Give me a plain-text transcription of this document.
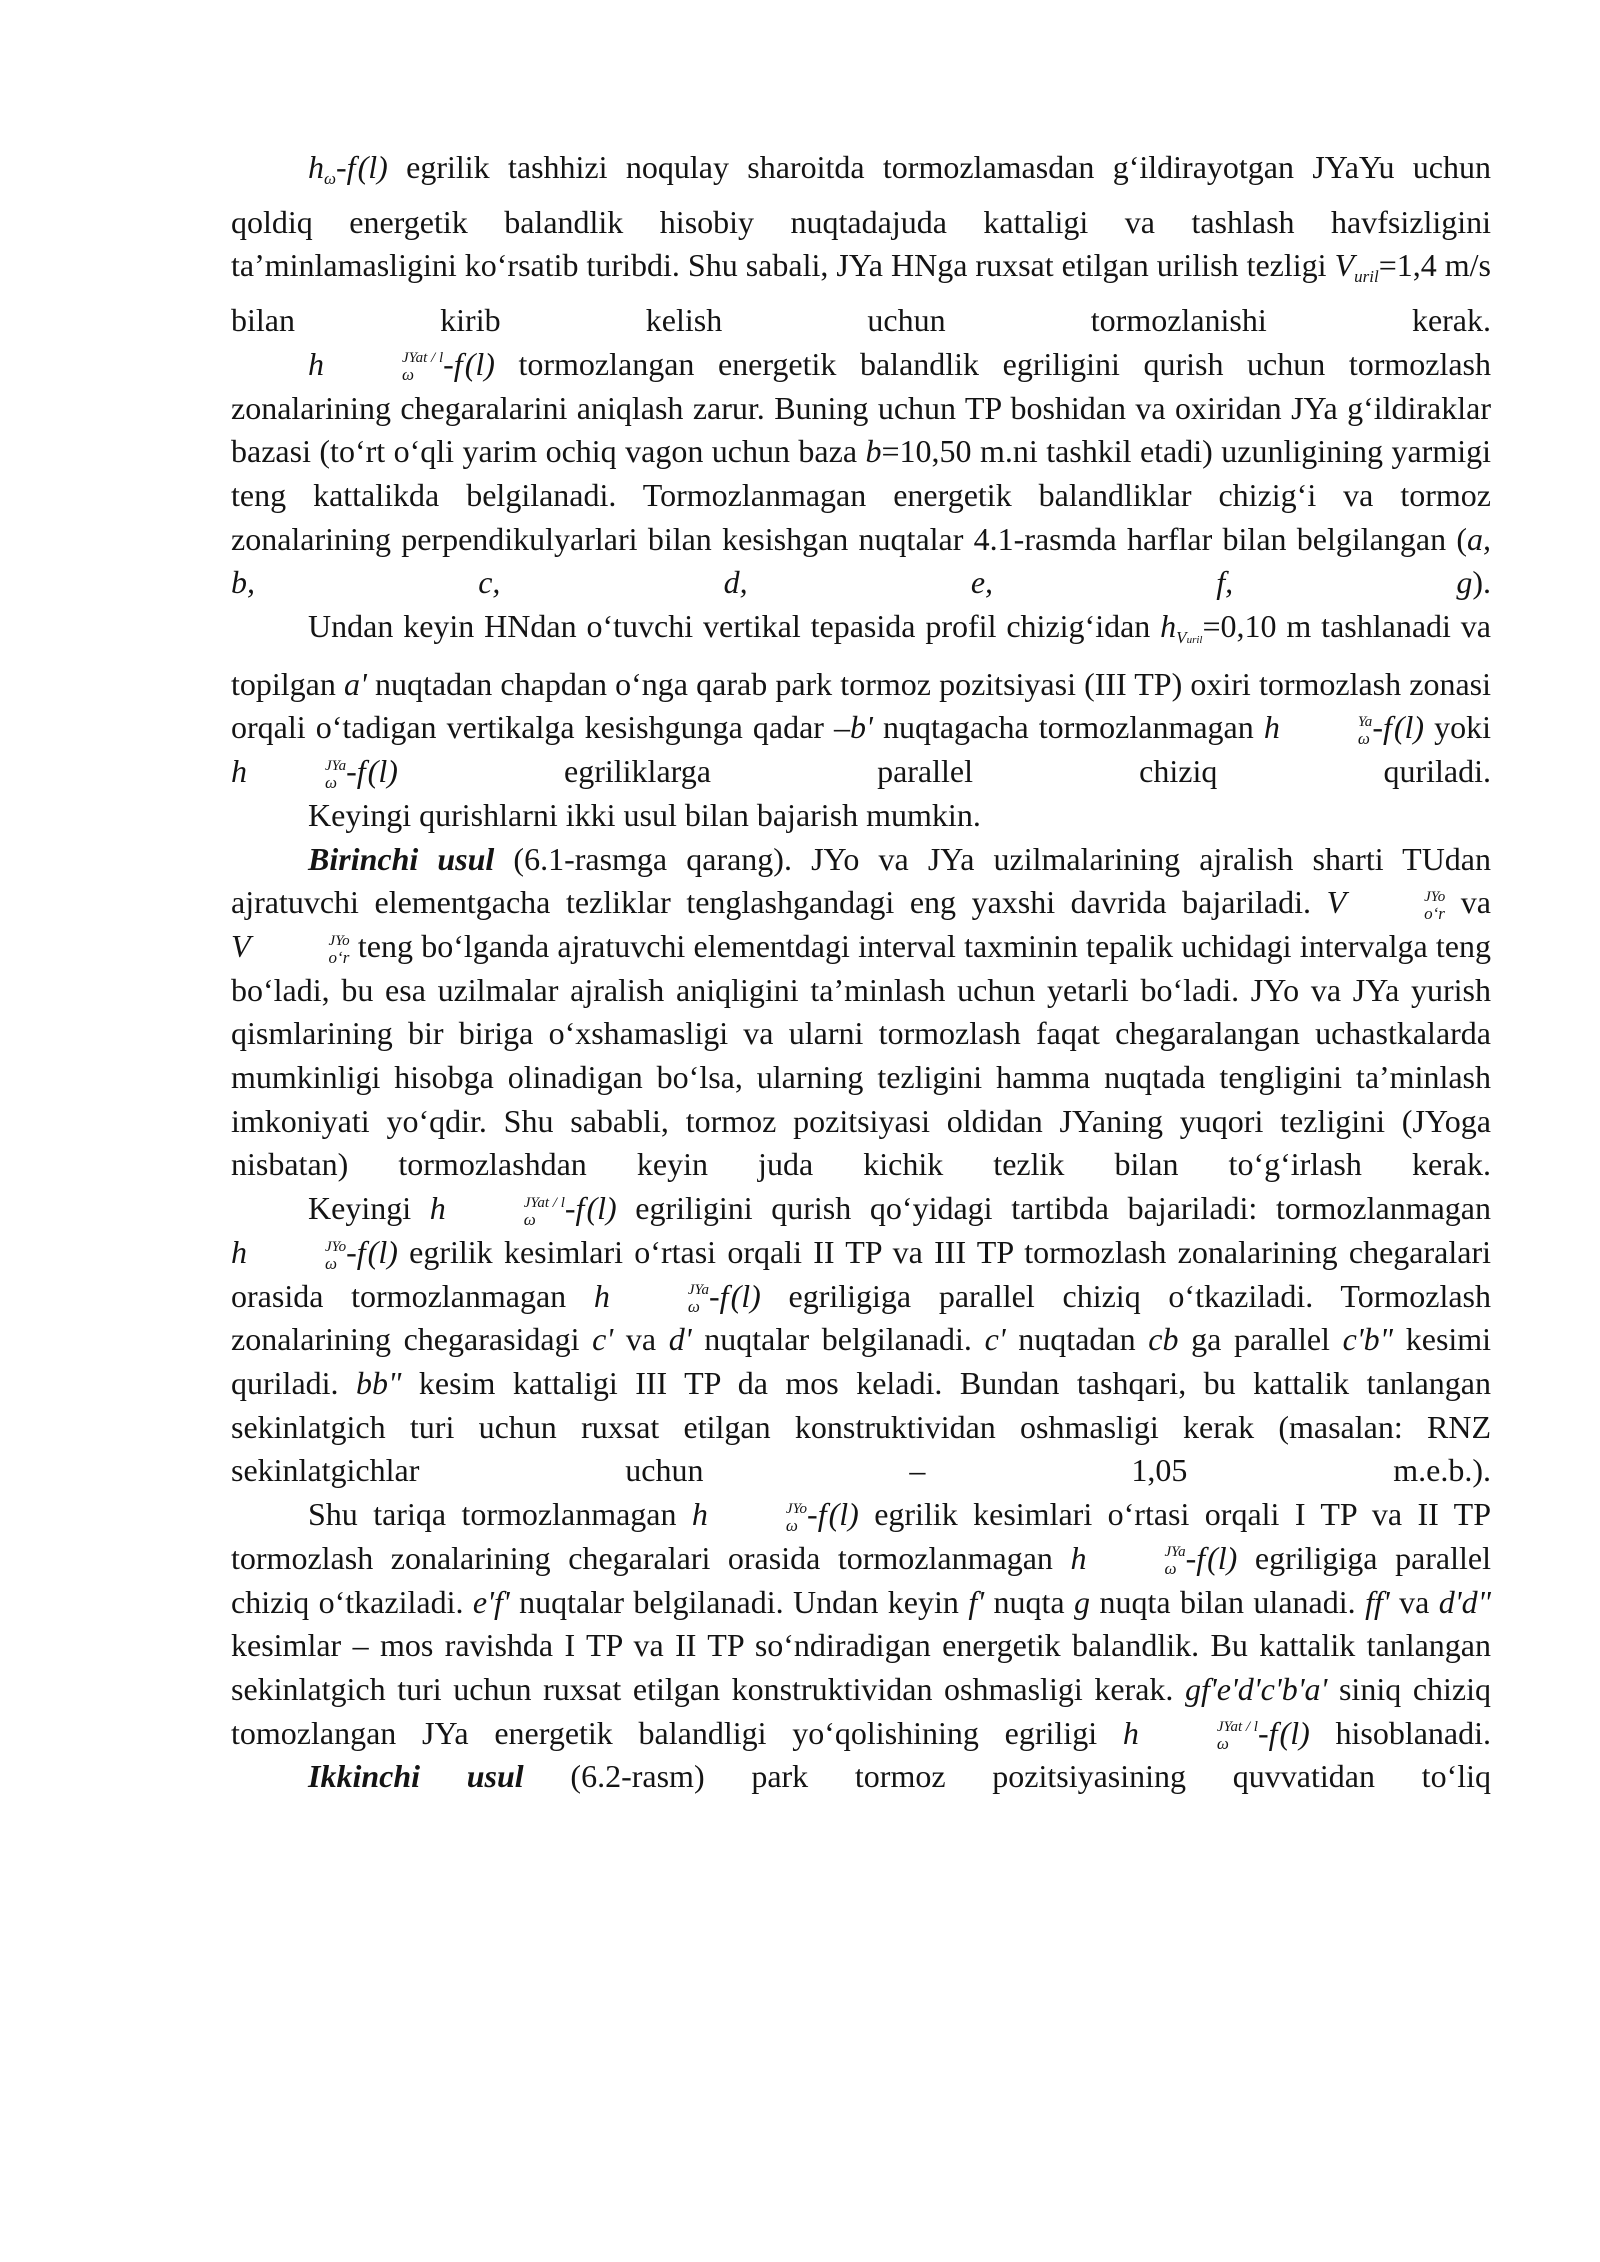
$h_\omega-f(l)$ egrilik tashhizi noqulay sharoitda tormozlamasdan g‘ildirayotgan JYaYu uchun qoldiq energetik balandlik hisobiy nuqtadajuda kattaligi va tashlash havfsizligini ta’minlamasligini ko‘rsatib turibdi. Shu sabali, JYa HNga ruxsat etilgan urilish tezligi $V_{uril}=1,4$ m/s bilan kirib kelish uchun tormozlanishi kerak.

h	JYat / l
ω -f(l) tormozlangan energetik balandlik egriligini qurish uchun tormozlash zonalarining chegaralarini aniqlash zarur. Buning uchun TP boshidan va oxiridan JYa g‘ildiraklar bazasi (to‘rt o‘qli yarim ochiq vagon uchun baza b=10,50 m.ni tashkil etadi) uzunligining yarmigi teng kattalikda belgilanadi. Tormozlanmagan energetik balandliklar chizig‘i va tormoz zonalarining perpendikulyarlari bilan kesishgan nuqtalar 4.1-rasmda harflar bilan belgilangan (a, b, c, d, e, f, g).

Undan keyin HNdan o‘tuvchi vertikal tepasida profil chizig‘idan $h_{Vuril}=0,10$ m tashlanadi va topilgan a' nuqtadan chapdan o‘nga qarab park tormoz pozitsiyasi (III TP) oxiri tormozlash zonasi orqali o‘tadigan vertikalga kesishgunga qadar –b' nuqtagacha tormozlanmagan h	Ya
ω -f(l) yoki h	JYa
ω -f(l) egriliklarga parallel chiziq quriladi.

Keyingi qurishlarni ikki usul bilan bajarish mumkin.

Birinchi usul (6.1-rasmga qarang). JYo va JYa uzilmalarining ajralish sharti TUdan ajratuvchi elementgacha tezliklar tenglashgandagi eng yaxshi davrida bajariladi. V	JYo
o‘r va V	JYo
o‘r teng bo‘lganda ajratuvchi elementdagi interval taxminin tepalik uchidagi intervalga teng bo‘ladi, bu esa uzilmalar ajralish aniqligini ta’minlash uchun yetarli bo‘ladi. JYo va JYa yurish qismlarining bir biriga o‘xshamasligi va ularni tormozlash faqat chegaralangan uchastkalarda mumkinligi hisobga olinadigan bo‘lsa, ularning tezligini hamma nuqtada tengligini ta’minlash imkoniyati yo‘qdir. Shu sababli, tormoz pozitsiyasi oldidan JYaning yuqori tezligini (JYoga nisbatan) tormozlashdan keyin juda kichik tezlik bilan to‘g‘irlash kerak.

Keyingi h	JYat / l
ω -f(l) egriligini qurish qo‘yidagi tartibda bajariladi: tormozlanmagan h	JYo
ω -f(l) egrilik kesimlari o‘rtasi orqali II TP va III TP tormozlash zonalarining chegaralari orasida tormozlanmagan h	JYa
ω -f(l) egriligiga parallel chiziq o‘tkaziladi. Tormozlash zonalarining chegarasidagi c' va d' nuqtalar belgilanadi. c' nuqtadan cb ga parallel c'b" kesimi quriladi. bb" kesim kattaligi III TP da mos keladi. Bundan tashqari, bu kattalik tanlangan sekinlatgich turi uchun ruxsat etilgan konstruktividan oshmasligi kerak (masalan: RNZ sekinlatgichlar uchun – 1,05 m.e.b.).

Shu tariqa tormozlanmagan h	JYo
ω -f(l) egrilik kesimlari o‘rtasi orqali I TP va II TP tormozlash zonalarining chegaralari orasida tormozlanmagan h	JYa
ω -f(l) egriligiga parallel chiziq o‘tkaziladi. e'f' nuqtalar belgilanadi. Undan keyin f' nuqta g nuqta bilan ulanadi. ff' va d'd" kesimlar – mos ravishda I TP va II TP so‘ndiradigan energetik balandlik. Bu kattalik tanlangan sekinlatgich turi uchun ruxsat etilgan konstruktividan oshmasligi kerak. gf'e'd'c'b'a' siniq chiziq tomozlangan JYa energetik balandligi yo‘qolishining egriligi h	JYat / l
ω -f(l) hisoblanadi.

Ikkinchi usul (6.2-rasm) park tormoz pozitsiyasining quvvatidan to‘liq
